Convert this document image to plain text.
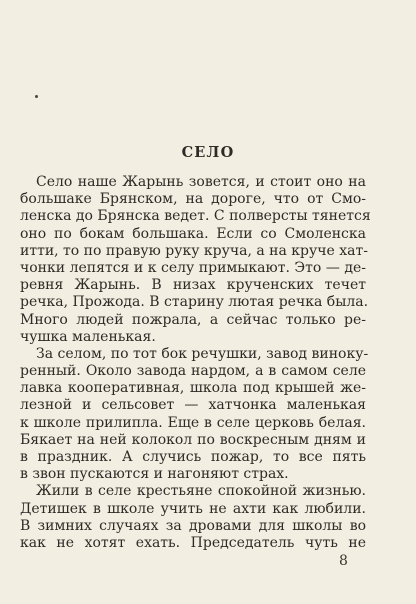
СЕЛО
Село наше Жарынь зовется, и стоит оно на
большаке Брянском, на дороге, что от Смо-
ленска до Брянска ведет. С полверсты тянется
оно по бокам большака. Если со Смоленска
итти, то по правую руку круча, а на круче хат-
чонки лепятся и к селу примыкают. Это — де-
ревня Жарынь. В низах крученских течет
речка, Прожода. В старину лютая речка была.
Много людей пожрала, а сейчас только ре-
чушка маленькая.
За селом, по тот бок речушки, завод винoку-
ренный. Около завода нардом, а в самом селе
лавка кооперативная, школа под крышей же-
лезной и сельсовет — хатчонка маленькая
к школе прилипла. Еще в селе церковь белая.
Бякает на ней колокол по воскресным дням и
в праздник. А случись пожар, то все пять
в звон пускаются и нагоняют страх.
Жили в селе крестьяне спокойной жизнью.
Детишек в школе учить не ахти как любили.
В зимних случаях за дровами для школы во
как не хотят ехать. Председатель чуть не
8
